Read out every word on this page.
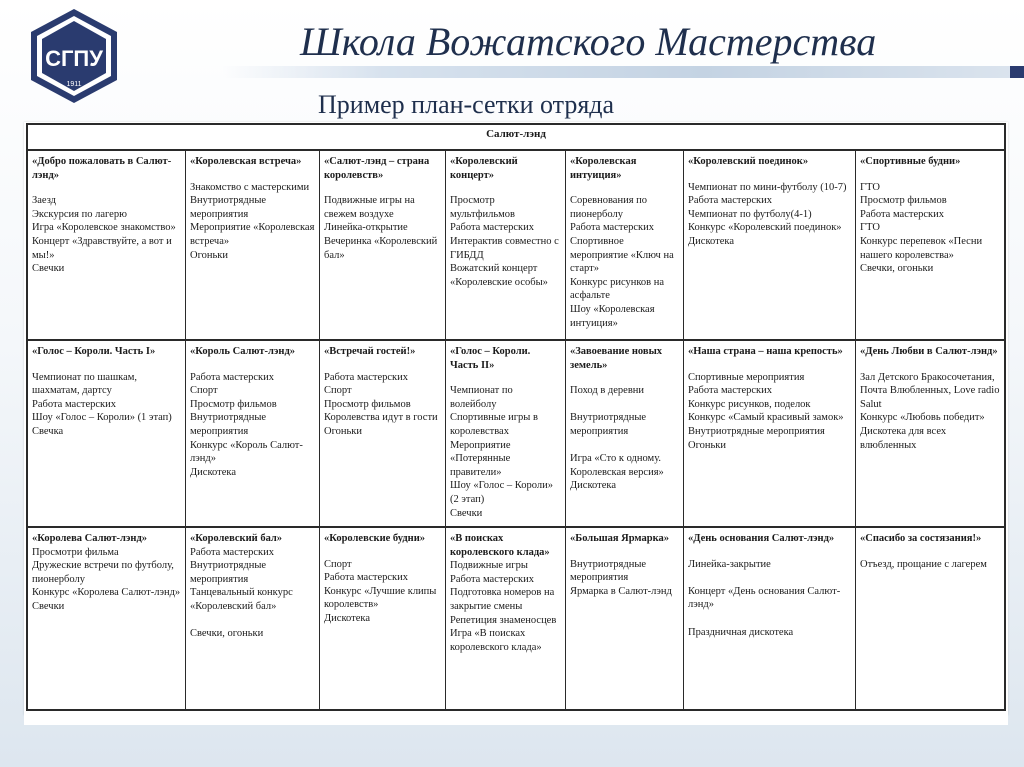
СГПУ
1911
Школа Вожатского Мастерства
Пример план-сетки отряда
Салют-лэнд
«Добро пожаловать в Салют-лэнд»
Заезд
Экскурсия по лагерю
Игра «Королевское знакомство»
Концерт «Здравствуйте, а вот и мы!»
Свечки
«Королевская встреча»
Знакомство с мастерскими
Внутриотрядные мероприятия
Мероприятие «Королевская встреча»
Огоньки
«Салют-лэнд – страна королевств»
Подвижные игры на свежем воздухе
Линейка-открытие
Вечеринка «Королевский бал»
«Королевский концерт»
Просмотр мультфильмов
Работа мастерских
Интерактив совместно с ГИБДД
Вожатский концерт «Королевские особы»
«Королевская интуиция»
Соревнования по пионерболу
Работа мастерских
Спортивное мероприятие «Ключ на старт»
Конкурс рисунков на асфальте
Шоу «Королевская интуиция»
«Королевский поединок»
Чемпионат по мини-футболу (10-7)
Работа мастерских
Чемпионат по футболу(4-1)
Конкурс «Королевский поединок»
Дискотека
«Спортивные будни»
ГТО
Просмотр фильмов
Работа мастерских
ГТО
Конкурс перепевок «Песни нашего королевства»
Свечки, огоньки
«Голос – Короли. Часть I»
Чемпионат по шашкам, шахматам, дартсу
Работа мастерских
Шоу «Голос – Короли» (1 этап)
Свечка
«Король Салют-лэнд»
Работа мастерских
Спорт
Просмотр фильмов
Внутриотрядные мероприятия
Конкурс «Король Салют-лэнд»
Дискотека
«Встречай гостей!»
Работа мастерских
Спорт
Просмотр фильмов
Королевства идут в гости
Огоньки
«Голос – Короли. Часть II»
Чемпионат по волейболу
Спортивные игры в королевствах
Мероприятие «Потерянные правители»
Шоу «Голос – Короли» (2 этап)
Свечки
«Завоевание новых земель»
Поход в деревни

Внутриотрядные мероприятия

Игра «Сто к одному. Королевская версия»
Дискотека
«Наша страна – наша крепость»
Спортивные мероприятия
Работа мастерских
Конкурс рисунков, поделок
Конкурс «Самый красивый замок»
Внутриотрядные мероприятия
Огоньки
«День Любви в Салют-лэнд»
Зал Детского Бракосочетания,
Почта Влюбленных, Love radio Salut
Конкурс «Любовь победит»
Дискотека для всех влюбленных
«Королева Салют-лэнд»
Просмотри фильма
Дружеские встречи по футболу, пионерболу
Конкурс «Королева Салют-лэнд»
Свечки
«Королевский бал»
Работа мастерских
Внутриотрядные мероприятия
Танцевальный конкурс «Королевский бал»

Свечки, огоньки
«Королевские будни»
Спорт
Работа мастерских
Конкурс «Лучшие клипы королевств»
Дискотека
«В поисках королевского клада»
Подвижные игры
Работа мастерских
Подготовка номеров на закрытие смены
Репетиция знаменосцев
Игра «В поисках королевского клада»
«Большая Ярмарка»
Внутриотрядные мероприятия
Ярмарка в Салют-лэнд
«День основания Салют-лэнд»
Линейка-закрытие

Концерт «День основания Салют-лэнд»

Праздничная дискотека
«Спасибо за состязания!»
Отъезд, прощание с лагерем
